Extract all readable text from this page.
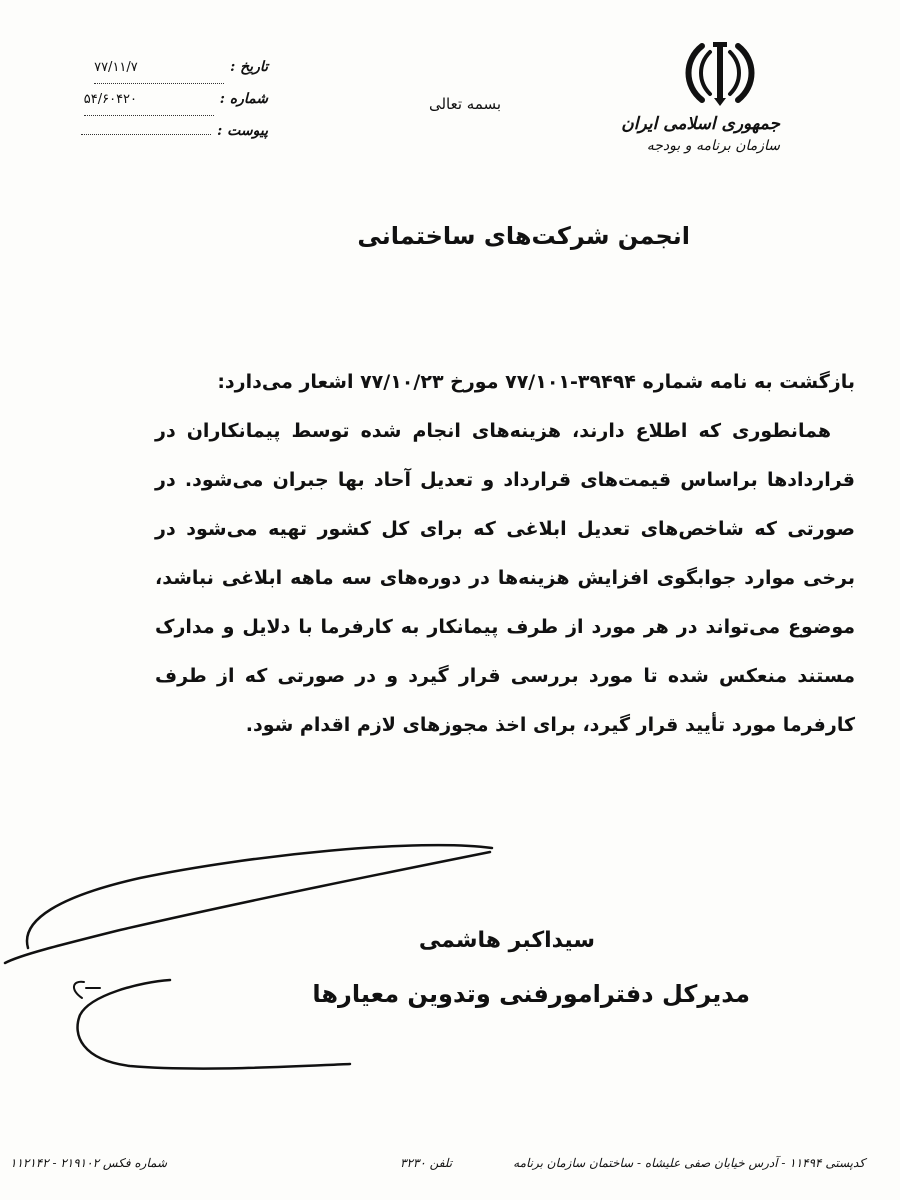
جمهوری اسلامی ایران
سازمان برنامه و بودجه
بسمه تعالی
تاریخ :
۷۷/۱۱/۷
شماره :
۵۴/۶۰۴۲۰
پیوست :
انجمن شرکت‌های ساختمانی

بازگشت به نامه شماره ۳۹۴۹۴-۷۷/۱۰۱ مورخ ۷۷/۱۰/۲۳ اشعار می‌دارد:

همانطوری که اطلاع دارند، هزینه‌های انجام شده توسط پیمانکاران در قراردادها براساس قیمت‌های قرارداد و تعدیل آحاد بها جبران می‌شود. در صورتی که شاخص‌های تعدیل ابلاغی که برای کل کشور تهیه می‌شود در برخی موارد جوابگوی افزایش هزینه‌ها در دوره‌های سه ماهه ابلاغی نباشد، موضوع می‌تواند در هر مورد از طرف پیمانکار به کارفرما با دلایل و مدارک مستند منعکس شده تا مورد بررسی قرار گیرد و در صورتی که از طرف کارفرما مورد تأیید قرار گیرد، برای اخذ مجوزهای لازم اقدام شود.

سیداکبر هاشمی
مدیرکل دفترامورفنی وتدوین معیارها
کدپستی ۱۱۴۹۴ - آدرس خیابان صفی علیشاه - ساختمان سازمان برنامه
تلفن ۳۲۳۰
شماره فکس ۲۱۹۱۰۲ - ۱۱۲۱۴۲
